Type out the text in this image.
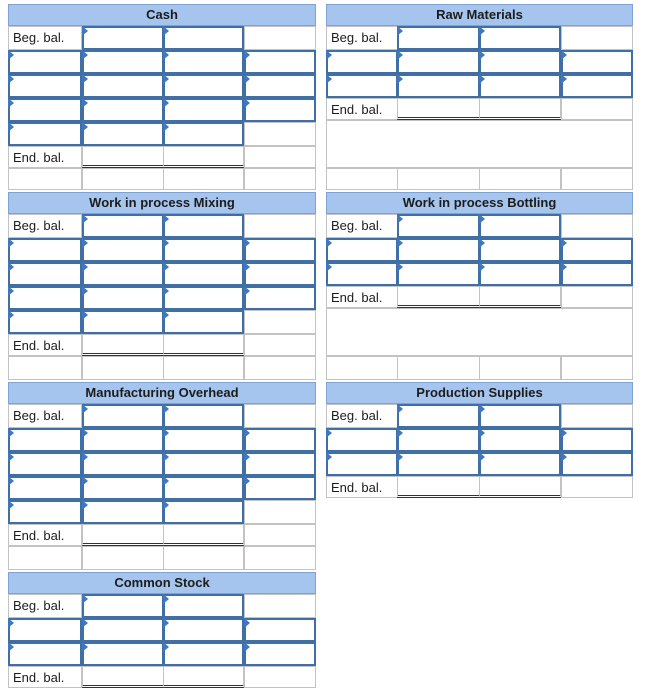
Cash
Beg. bal.
End. bal.
Raw Materials
Beg. bal.
End. bal.
Work in process Mixing
Beg. bal.
End. bal.
Work in process Bottling
Beg. bal.
End. bal.
Manufacturing Overhead
Beg. bal.
End. bal.
Production Supplies
Beg. bal.
End. bal.
Common Stock
Beg. bal.
End. bal.
